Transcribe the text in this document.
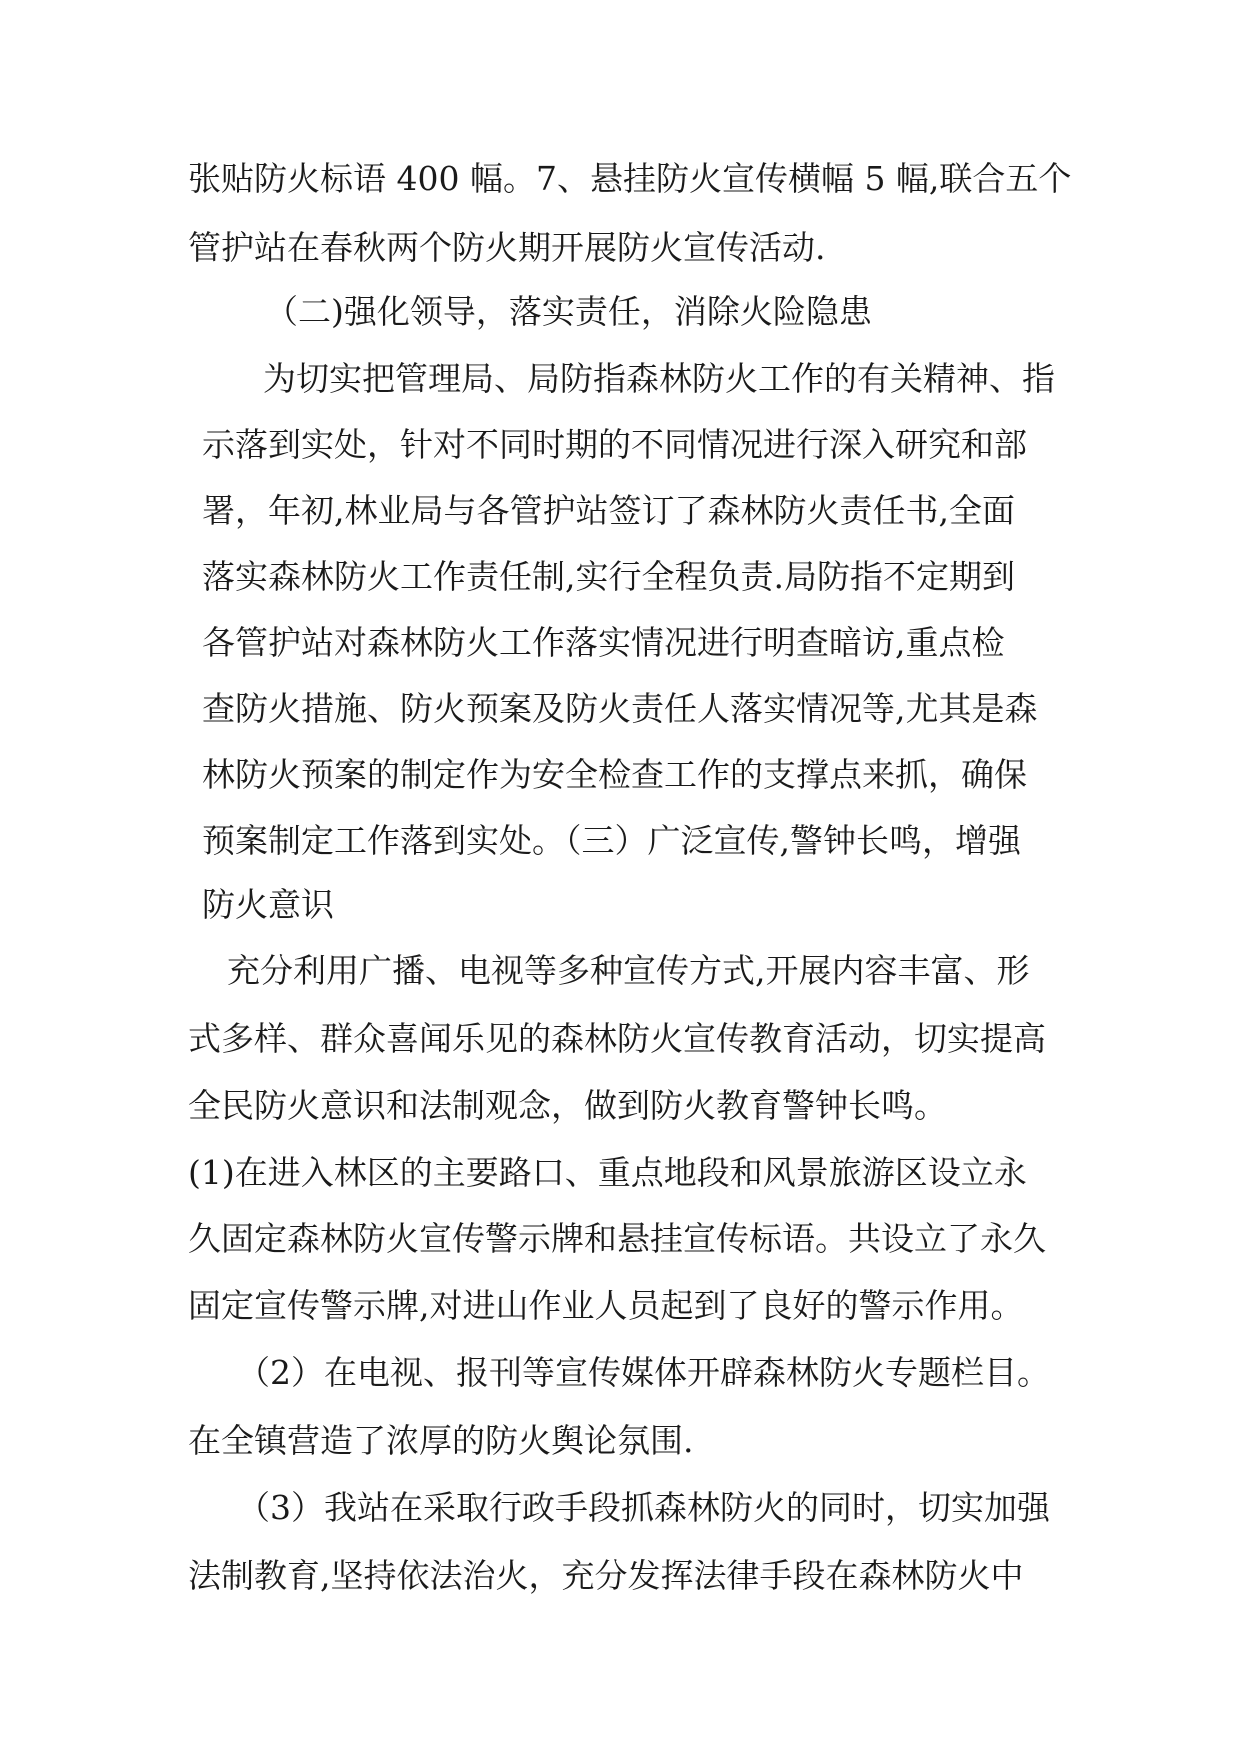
张贴防火标语 400 幅。7、悬挂防火宣传横幅 5 幅,联合五个
管护站在春秋两个防火期开展防火宣传活动.
（二)强化领导，落实责任，消除火险隐患
为切实把管理局、局防指森林防火工作的有关精神、指
示落到实处，针对不同时期的不同情况进行深入研究和部
署，年初,林业局与各管护站签订了森林防火责任书,全面
落实森林防火工作责任制,实行全程负责.局防指不定期到
各管护站对森林防火工作落实情况进行明查暗访,重点检
查防火措施、防火预案及防火责任人落实情况等,尤其是森
林防火预案的制定作为安全检查工作的支撑点来抓，确保
预案制定工作落到实处。（三）广泛宣传,警钟长鸣，增强
防火意识
充分利用广播、电视等多种宣传方式,开展内容丰富、形
式多样、群众喜闻乐见的森林防火宣传教育活动，切实提高
全民防火意识和法制观念，做到防火教育警钟长鸣。
(1)在进入林区的主要路口、重点地段和风景旅游区设立永
久固定森林防火宣传警示牌和悬挂宣传标语。共设立了永久
固定宣传警示牌,对进山作业人员起到了良好的警示作用。
（2）在电视、报刊等宣传媒体开辟森林防火专题栏目。
在全镇营造了浓厚的防火舆论氛围.
（3）我站在采取行政手段抓森林防火的同时，切实加强
法制教育,坚持依法治火，充分发挥法律手段在森林防火中
